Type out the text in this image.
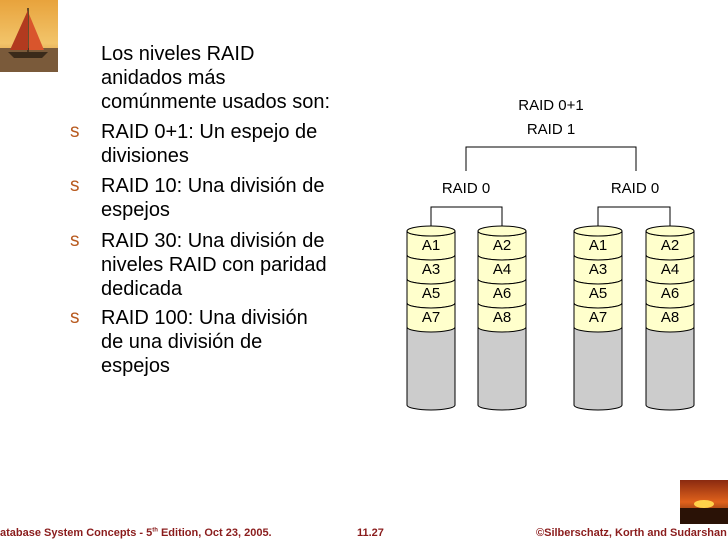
Los niveles RAID
anidados más
comúnmente usados son:
s RAID 0+1: Un espejo de
divisiones
s RAID 10: Una división de
espejos
s RAID 30: Una división de
niveles RAID con paridad
dedicada
s RAID 100: Una división
de una división de
espejos
RAID 0+1
RAID 1
RAID 0	RAID 0
A1
A3
A5
A7
A2
A4
A6
A8
A1
A3
A5
A7
A2
A4
A6
A8
atabase System Concepts - 5th Edition, Oct 23, 2005.	11.27	©Silberschatz, Korth and Sudarshan
